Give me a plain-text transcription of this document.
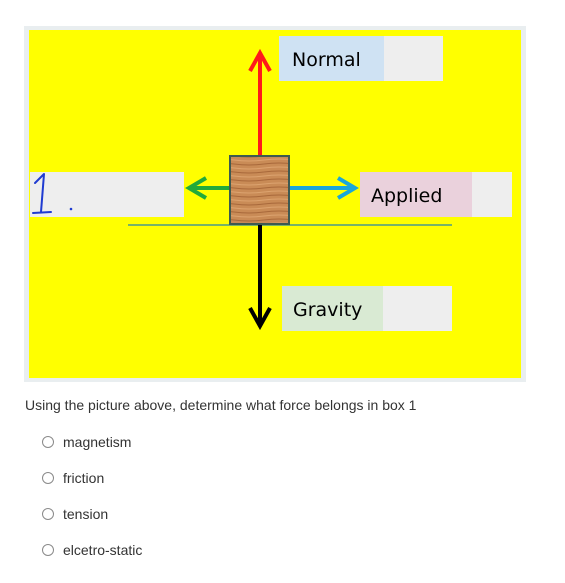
Normal
Applied
Gravity

Using the picture above, determine what force belongs in box 1

magnetism
friction
tension
elcetro-static
